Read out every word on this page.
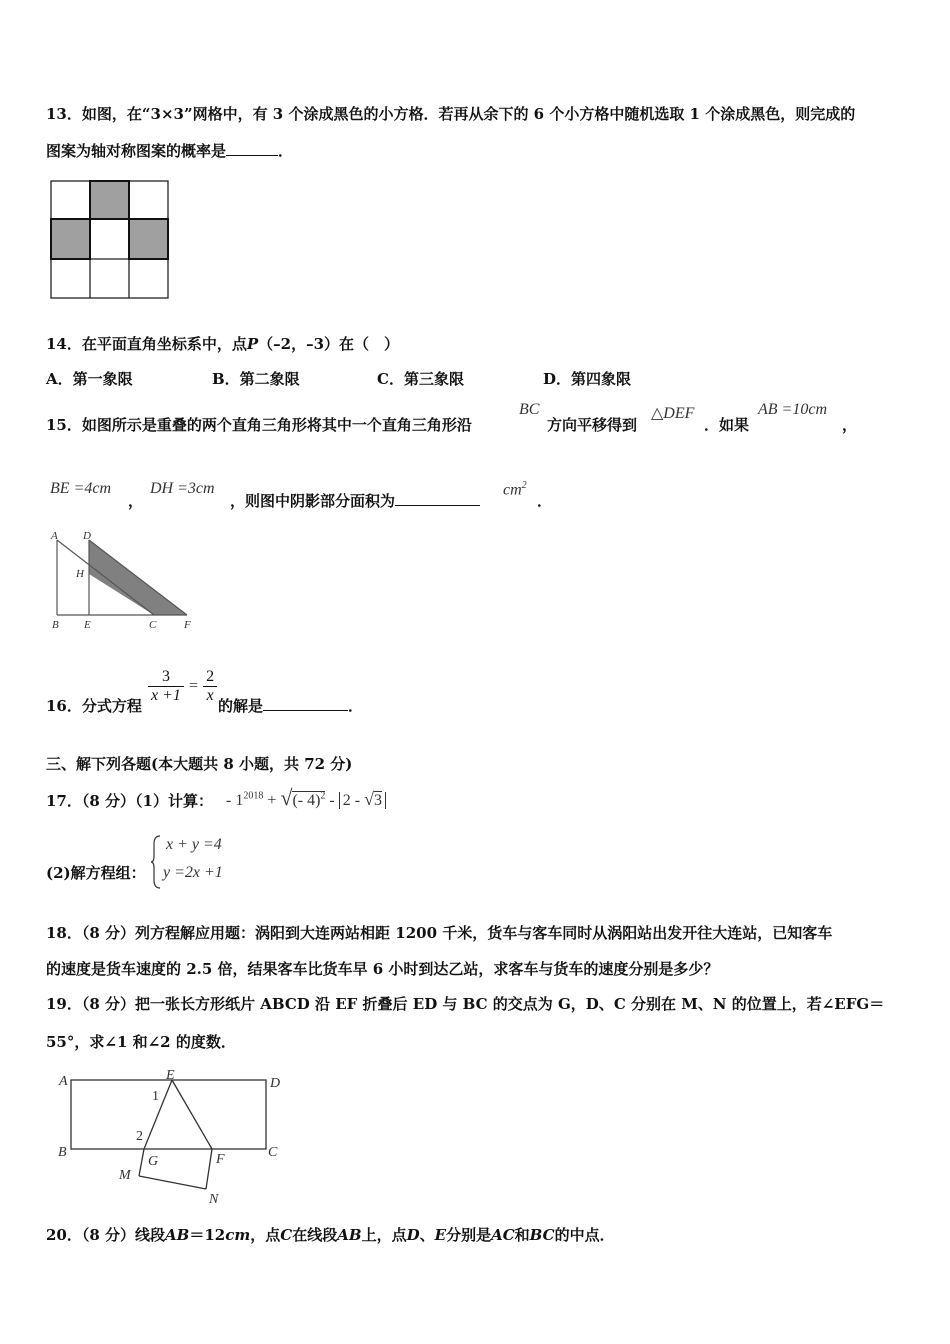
13．如图，在“3×3”网格中，有 3 个涂成黑色的小方格．若再从余下的 6 个小方格中随机选取 1 个涂成黑色，则完成的
图案为轴对称图案的概率是	．
14．在平面直角坐标系中，点P（–2，–3）在（　）
A．第一象限	B．第二象限	C．第三象限	D．第四象限
15．如图所示是重叠的两个直角三角形将其中一个直角三角形沿
BC
方向平移得到
△DEF
．如果
AB =10cm
，
BE =4cm
，
DH =3cm
，则图中阴影部分面积为
$cm^2$
．
A D
H
B E	C	F
16．分式方程
$\frac{3}{x +1} = \frac{2}{x}$
的解是	．
三、解下列各题(本大题共 8 小题，共 72 分)
17．（8 分）（1）计算： - $1^{2018}$ + √(- 4)$^2$ - 2 - √3
(2)解方程组：
x + y =4
y =2x +1
18．（8 分）列方程解应用题：涡阳到大连两站相距 1200 千米，货车与客车同时从涡阳站出发开往大连站，已知客车
的速度是货车速度的 2.5 倍，结果客车比货车早 6 小时到达乙站，求客车与货车的速度分别是多少？
19．（8 分）把一张长方形纸片 ABCD 沿 EF 折叠后 ED 与 BC 的交点为 G，D、C 分别在 M、N 的位置上，若∠EFG＝
55°，求∠1 和∠2 的度数．
A	E
D
1
2
B
G	F	C
M
N
20．（8 分）线段AB＝12cm，点C在线段AB上，点D、E分别是AC和BC的中点．
